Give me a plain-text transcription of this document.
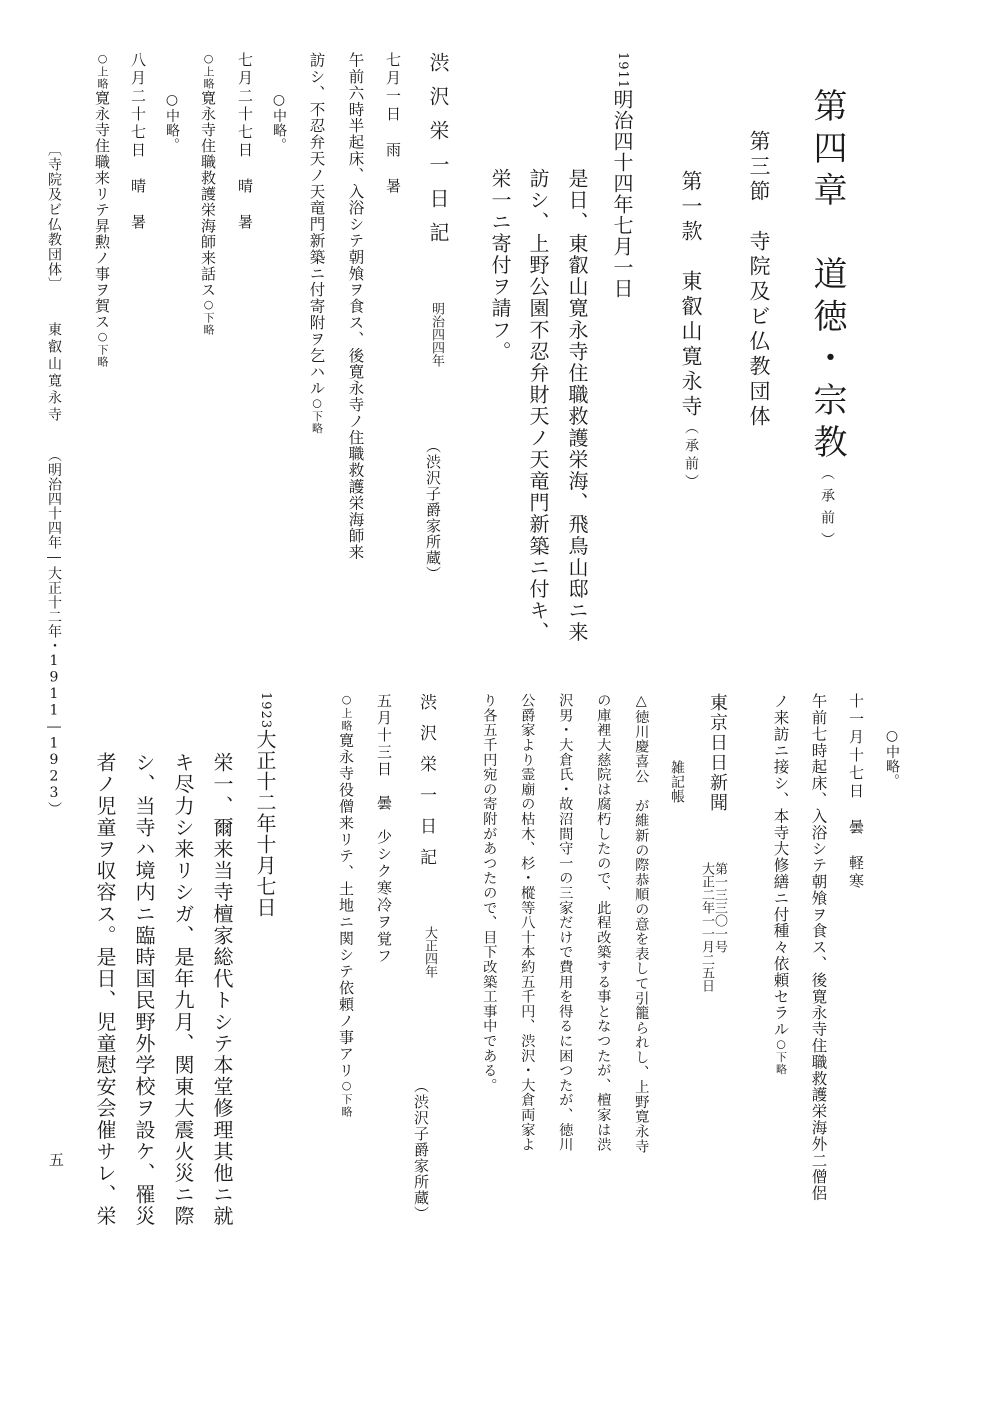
第四章　道徳・宗教（承前）
第三節　寺院及ビ仏教団体
第一款　東叡山寛永寺（承前）
1911明治四十四年七月一日
是日、東叡山寛永寺住職救護栄海、飛鳥山邸ニ来
訪シ、上野公園不忍弁財天ノ天竜門新築ニ付キ、
栄一ニ寄付ヲ請フ。
渋沢栄一日記
明治四四年
（渋沢子爵家所蔵）
七月一日　雨　暑
午前六時半起床、入浴シテ朝飧ヲ食ス、後寛永寺ノ住職救護栄海師来
訪シ、不忍弁天ノ天竜門新築ニ付寄附ヲ乞ハル○下略
○中略。
七月二十七日　晴　暑
○上略寛永寺住職救護栄海師来話ス○下略
○中略。
八月二十七日　晴　暑
○上略寛永寺住職来リテ昇勲ノ事ヲ賀ス○下略
○中略。
十一月十七日　曇　軽寒
午前七時起床、入浴シテ朝飧ヲ食ス、後寛永寺住職救護栄海外二僧侶
ノ来訪ニ接シ、本寺大修繕ニ付種々依頼セラル○下略
東京日日新聞
第一三三〇一号
大正二年一一月二五日
雑記帳
△徳川慶喜公　が維新の際恭順の意を表して引籠られし、上野寛永寺
の庫裡大慈院は腐朽したので、此程改築する事となつたが、檀家は渋
沢男・大倉氏・故沼間守一の三家だけで費用を得るに困つたが、徳川
公爵家より霊廟の枯木、杉・樅等八十本約五千円、渋沢・大倉両家よ
り各五千円宛の寄附があつたので、目下改築工事中である。
渋沢栄一日記
大正四年
（渋沢子爵家所蔵）
五月十三日　曇　少シク寒冷ヲ覚フ
○上略寛永寺役僧来リテ、土地ニ関シテ依頼ノ事アリ○下略
1923大正十二年十月七日
栄一、爾来当寺檀家総代トシテ本堂修理其他ニ就
キ尽力シ来リシガ、是年九月、関東大震火災ニ際
シ、当寺ハ境内ニ臨時国民野外学校ヲ設ケ、罹災
者ノ児童ヲ収容ス。是日、児童慰安会催サレ、栄
〔寺院及ビ仏教団体〕
東叡山寛永寺
（明治四十四年―大正十二年・1911―1923）
五
